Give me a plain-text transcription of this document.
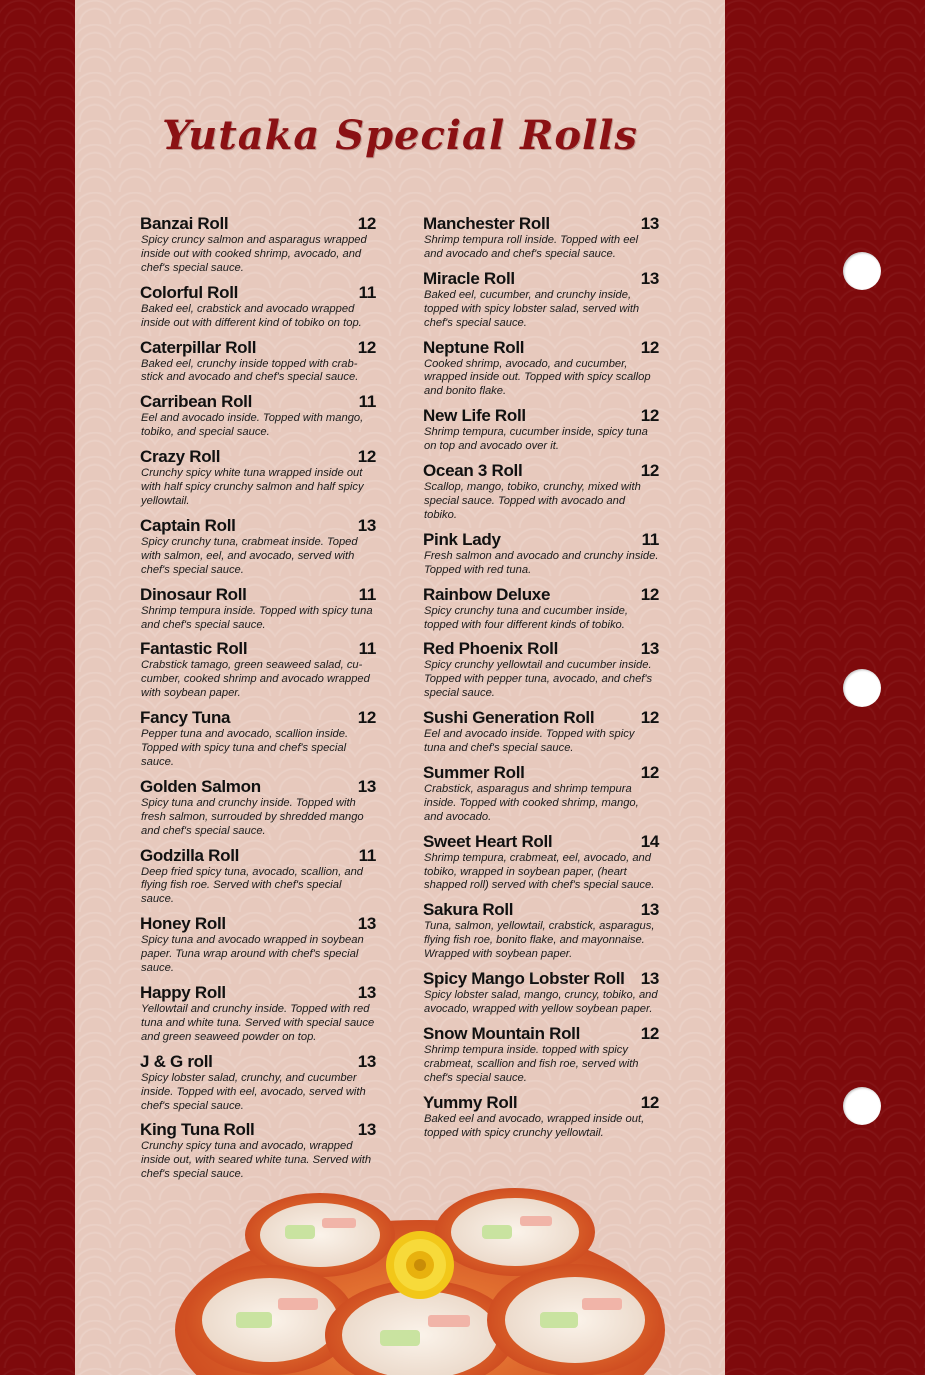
Yutaka Special Rolls
Banzai Roll	12
Spicy cruncy salmon and asparagus wrapped inside out with cooked shrimp, avocado, and chef's special sauce.
Colorful Roll	11
Baked eel, crabstick and avocado wrapped inside out with different kind of tobiko on top.
Caterpillar Roll	12
Baked eel, crunchy inside topped with crab-stick and avocado and chef's special sauce.
Carribean Roll	11
Eel and avocado inside. Topped with mango, tobiko, and special sauce.
Crazy Roll	12
Crunchy spicy white tuna wrapped inside out with half spicy crunchy salmon and half spicy yellowtail.
Captain Roll	13
Spicy crunchy tuna, crabmeat inside. Toped with salmon, eel, and avocado, served with chef's special sauce.
Dinosaur Roll	11
Shrimp tempura inside. Topped with spicy tuna and chef's special sauce.
Fantastic Roll	11
Crabstick tamago, green seaweed salad, cu-cumber, cooked shrimp and avocado wrapped with soybean paper.
Fancy Tuna	12
Pepper tuna and avocado, scallion inside. Topped with spicy tuna and chef's special sauce.
Golden Salmon	13
Spicy tuna and crunchy inside. Topped with fresh salmon, surrouded by shredded mango and chef's special sauce.
Godzilla Roll	11
Deep fried spicy tuna, avocado, scallion, and flying fish roe. Served with chef's special sauce.
Honey Roll	13
Spicy tuna and avocado wrapped in soybean paper. Tuna wrap around with chef's special sauce.
Happy Roll	13
Yellowtail and crunchy inside. Topped with red tuna and white tuna. Served with special sauce and green seaweed powder on top.
J & G roll	13
Spicy lobster salad, crunchy, and cucumber inside. Topped with eel, avocado, served with chef's special sauce.
King Tuna Roll	13
Crunchy spicy tuna and avocado, wrapped inside out, with seared white tuna. Served with chef's special sauce.
Manchester Roll	13
Shrimp tempura roll inside. Topped with eel and avocado and chef's special sauce.
Miracle Roll	13
Baked eel, cucumber, and crunchy inside, topped with spicy lobster salad, served with chef's special sauce.
Neptune Roll	12
Cooked shrimp, avocado, and cucumber, wrapped inside out. Topped with spicy scallop and bonito flake.
New Life Roll	12
Shrimp tempura, cucumber inside, spicy tuna on top and avocado over it.
Ocean 3 Roll	12
Scallop, mango, tobiko, crunchy, mixed with special sauce. Topped with avocado and tobiko.
Pink Lady	11
Fresh salmon and avocado and crunchy inside. Topped with red tuna.
Rainbow Deluxe	12
Spicy crunchy tuna and cucumber inside, topped with four different kinds of tobiko.
Red Phoenix Roll	13
Spicy crunchy yellowtail and cucumber inside. Topped with pepper tuna, avocado, and chef's special sauce.
Sushi Generation Roll	12
Eel and avocado inside. Topped with spicy tuna and chef's special sauce.
Summer Roll	12
Crabstick, asparagus and shrimp tempura inside. Topped with cooked shrimp, mango, and avocado.
Sweet Heart Roll	14
Shrimp tempura, crabmeat, eel, avocado, and tobiko, wrapped in soybean paper, (heart shapped roll) served with chef's special sauce.
Sakura Roll	13
Tuna, salmon, yellowtail, crabstick, asparagus, flying fish roe, bonito flake, and mayonnaise. Wrapped with soybean paper.
Spicy Mango Lobster Roll 13
Spicy lobster salad, mango, cruncy, tobiko, and avocado, wrapped with yellow soybean paper.
Snow Mountain Roll	12
Shrimp tempura inside. topped with spicy crabmeat, scallion and fish roe, served with chef's special sauce.
Yummy Roll	12
Baked eel and avocado, wrapped inside out, topped with spicy crunchy yellowtail.
